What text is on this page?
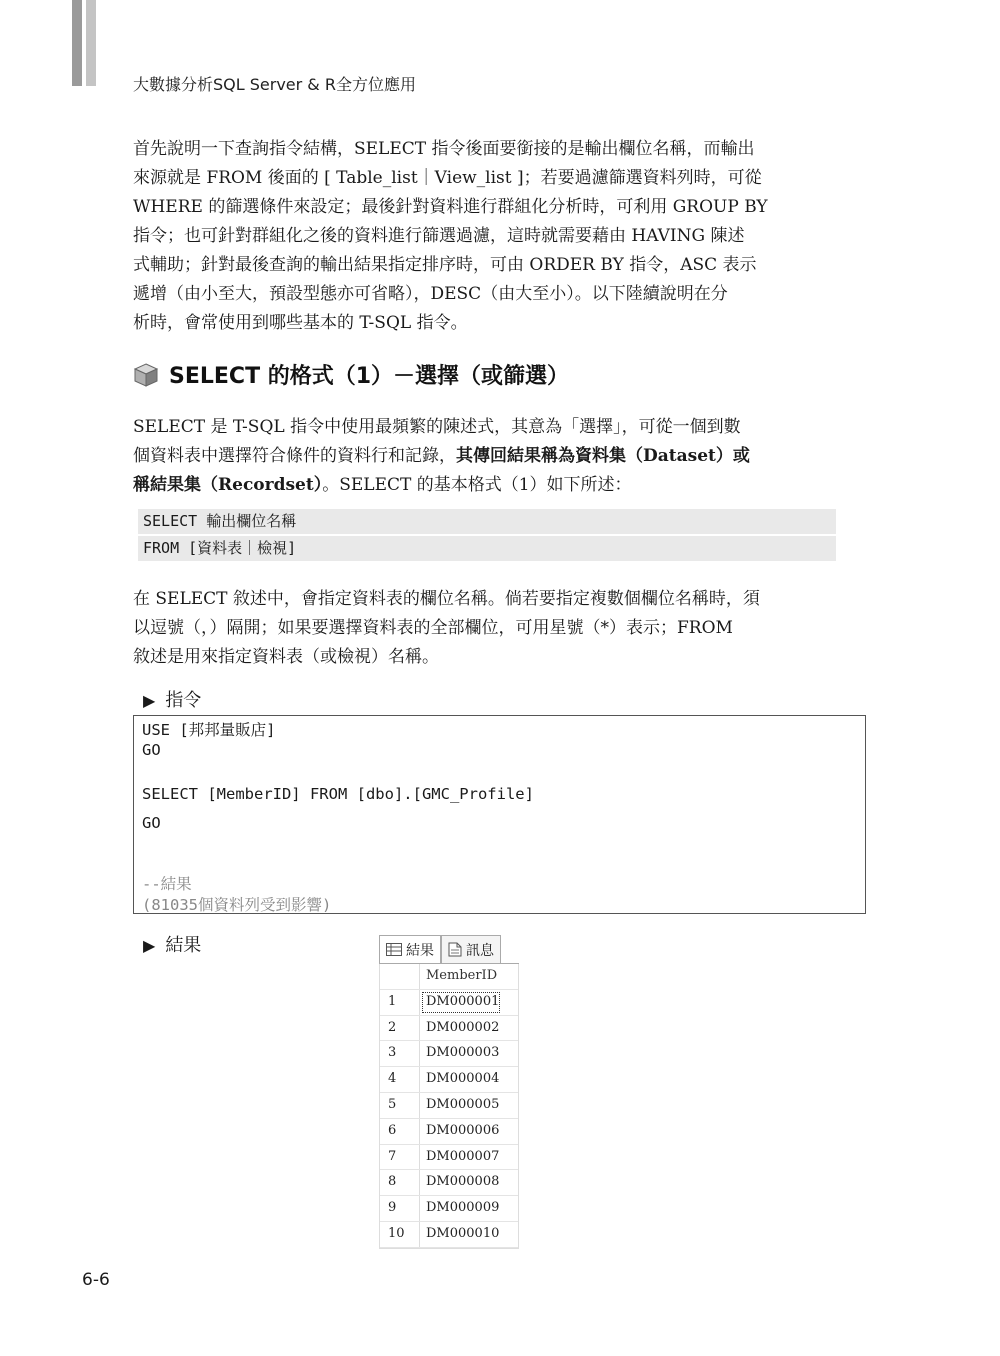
大數據分析SQL Server & R全方位應用

首先說明一下查詢指令結構，SELECT 指令後面要銜接的是輸出欄位名稱，而輸出
來源就是 FROM 後面的 [ Table_list｜View_list ]；若要過濾篩選資料列時，可從
WHERE 的篩選條件來設定；最後針對資料進行群組化分析時，可利用 GROUP BY
指令；也可針對群組化之後的資料進行篩選過濾，這時就需要藉由 HAVING 陳述
式輔助；針對最後查詢的輸出結果指定排序時，可由 ORDER BY 指令，ASC 表示
遞增（由小至大，預設型態亦可省略），DESC（由大至小）。以下陸續說明在分
析時，會常使用到哪些基本的 T-SQL 指令。

SELECT 的格式（1）－選擇（或篩選）

SELECT 是 T-SQL 指令中使用最頻繁的陳述式，其意為「選擇」，可從一個到數
個資料表中選擇符合條件的資料行和記錄，其傳回結果稱為資料集（Dataset）或
稱結果集（Recordset）。SELECT 的基本格式（1）如下所述：

SELECT 輸出欄位名稱
FROM [資料表｜檢視]

在 SELECT 敘述中，會指定資料表的欄位名稱。倘若要指定複數個欄位名稱時，須
以逗號（，）隔開；如果要選擇資料表的全部欄位，可用星號（*）表示；FROM
敘述是用來指定資料表（或檢視）名稱。

▶ 指令
USE [邦邦量販店]
GO
SELECT [MemberID] FROM [dbo].[GMC_Profile]
GO
--結果
(81035個資料列受到影響)
▶ 結果	結果 訊息
MemberID
1	DM000001
2	DM000002
3	DM000003
4	DM000004
5	DM000005
6	DM000006
7	DM000007
8	DM000008
9	DM000009
10	DM000010
6-6
